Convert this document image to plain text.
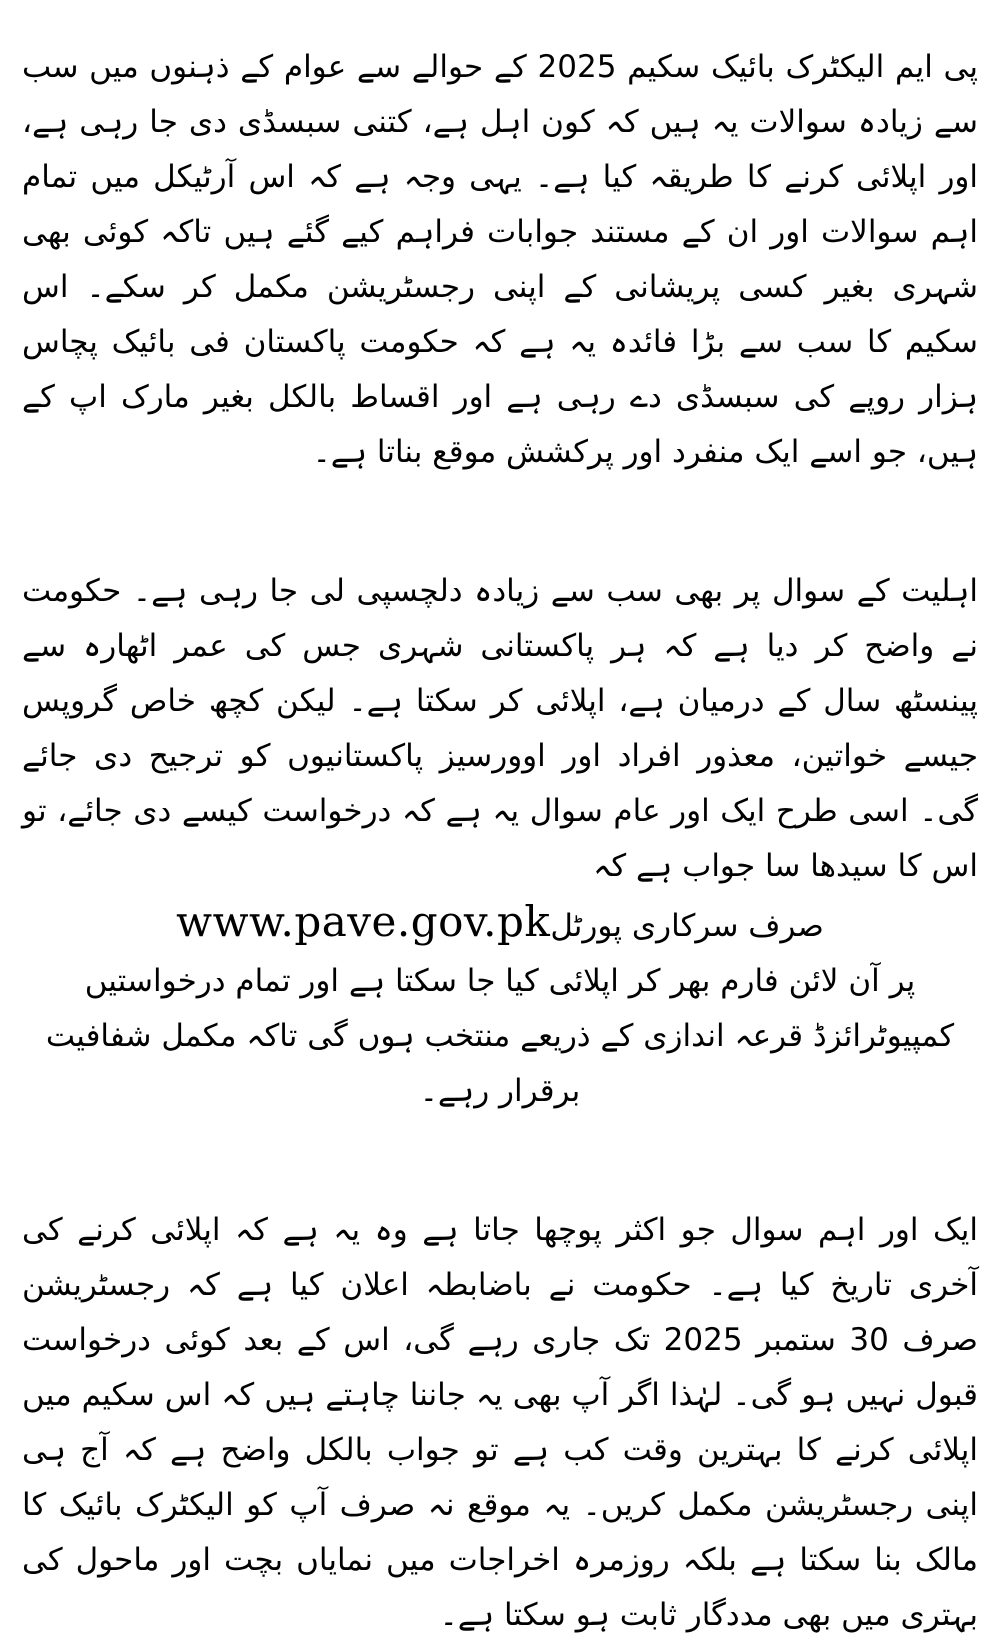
پی ایم الیکٹرک بائیک سکیم 2025 کے حوالے سے عوام کے ذہنوں میں سب سے زیادہ سوالات یہ ہیں کہ کون اہل ہے، کتنی سبسڈی دی جا رہی ہے، اور اپلائی کرنے کا طریقہ کیا ہے۔ یہی وجہ ہے کہ اس آرٹیکل میں تمام اہم سوالات اور ان کے مستند جوابات فراہم کیے گئے ہیں تاکہ کوئی بھی شہری بغیر کسی پریشانی کے اپنی رجسٹریشن مکمل کر سکے۔ اس سکیم کا سب سے بڑا فائدہ یہ ہے کہ حکومت پاکستان فی بائیک پچاس ہزار روپے کی سبسڈی دے رہی ہے اور اقساط بالکل بغیر مارک اپ کے ہیں، جو اسے ایک منفرد اور پرکشش موقع بناتا ہے۔

اہلیت کے سوال پر بھی سب سے زیادہ دلچسپی لی جا رہی ہے۔ حکومت نے واضح کر دیا ہے کہ ہر پاکستانی شہری جس کی عمر اٹھارہ سے پینسٹھ سال کے درمیان ہے، اپلائی کر سکتا ہے۔ لیکن کچھ خاص گروپس جیسے خواتین، معذور افراد اور اوورسیز پاکستانیوں کو ترجیح دی جائے گی۔ اسی طرح ایک اور عام سوال یہ ہے کہ درخواست کیسے دی جائے، تو اس کا سیدھا سا جواب ہے کہ

صرف سرکاری پورٹلwww.pave.gov.pk

پر آن لائن فارم بھر کر اپلائی کیا جا سکتا ہے اور تمام درخواستیں کمپیوٹرائزڈ قرعہ اندازی کے ذریعے منتخب ہوں گی تاکہ مکمل شفافیت برقرار رہے۔

ایک اور اہم سوال جو اکثر پوچھا جاتا ہے وہ یہ ہے کہ اپلائی کرنے کی آخری تاریخ کیا ہے۔ حکومت نے باضابطہ اعلان کیا ہے کہ رجسٹریشن صرف 30 ستمبر 2025 تک جاری رہے گی، اس کے بعد کوئی درخواست قبول نہیں ہو گی۔ لہٰذا اگر آپ بھی یہ جاننا چاہتے ہیں کہ اس سکیم میں اپلائی کرنے کا بہترین وقت کب ہے تو جواب بالکل واضح ہے کہ آج ہی اپنی رجسٹریشن مکمل کریں۔ یہ موقع نہ صرف آپ کو الیکٹرک بائیک کا مالک بنا سکتا ہے بلکہ روزمرہ اخراجات میں نمایاں بچت اور ماحول کی بہتری میں بھی مددگار ثابت ہو سکتا ہے۔
